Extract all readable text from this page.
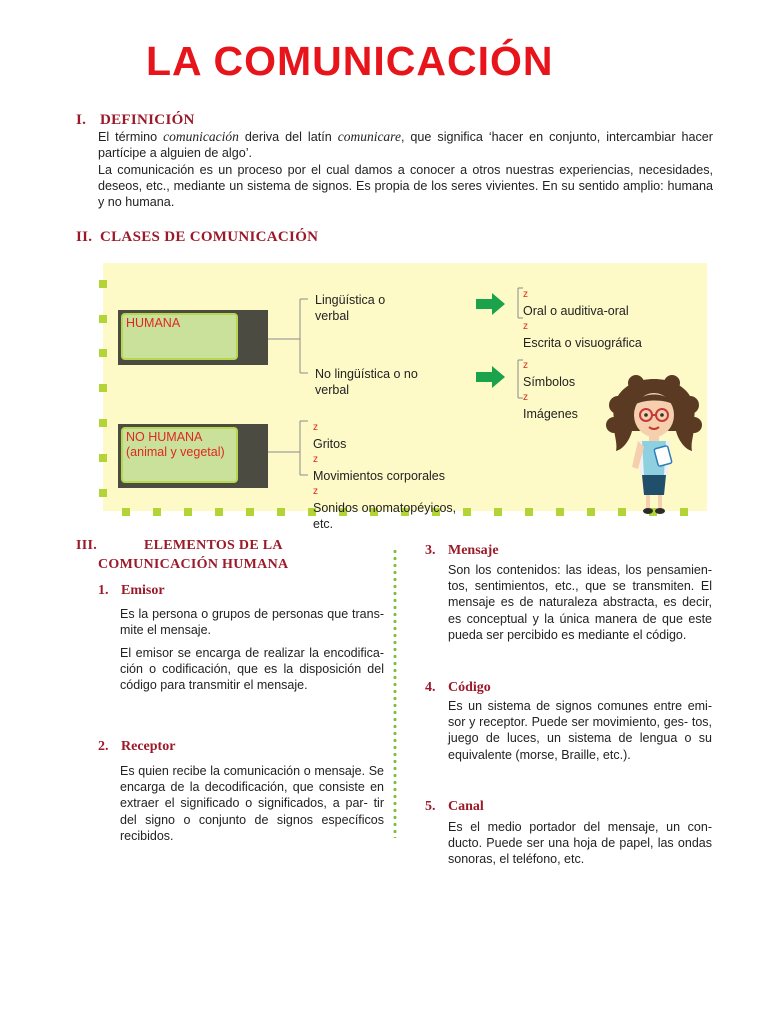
LA COMUNICACIÓN
I. DEFINICIÓN

El término comunicación deriva del latín comunicare, que significa ‘hacer en conjunto, intercambiar hacer partícipe a alguien de algo’.

La comunicación es un proceso por el cual damos a conocer a otros nuestras experiencias, necesidades, deseos, etc., mediante un sistema de signos. Es propia de los seres vivientes. En su sentido amplio: humana y no humana.

II. CLASES DE COMUNICACIÓN

HUMANA

NO HUMANA
(animal y vegetal)

Lingüística o
verbal

No lingüística o no
verbal

z
Oral o auditiva-oral
z
Escrita o visuográfica

z
Símbolos
z
Imágenes

z
Gritos
z
Movimientos corporales
z
Sonidos onomatopéyicos,
etc.

III.	ELEMENTOS DE LA
COMUNICACIÓN HUMANA

1. Emisor

Es la persona o grupos de personas que trans- mite el mensaje.

El emisor se encarga de realizar la encodifica- ción o codificación, que es la disposición del código para transmitir el mensaje.

2. Receptor

Es quien recibe la comunicación o mensaje. Se encarga de la decodificación, que consiste en extraer el significado o significados, a par- tir del signo o conjunto de signos específicos recibidos.

3. Mensaje

Son los contenidos: las ideas, los pensamien- tos, sentimientos, etc., que se transmiten. El mensaje es de naturaleza abstracta, es decir, es conceptual y la única manera de que este pueda ser percibido es mediante el código.

4. Código

Es un sistema de signos comunes entre emi- sor y receptor. Puede ser movimiento, ges- tos, juego de luces, un sistema de lengua o su equivalente (morse, Braille, etc.).

5. Canal

Es el medio portador del mensaje, un con- ducto. Puede ser una hoja de papel, las ondas sonoras, el teléfono, etc.
